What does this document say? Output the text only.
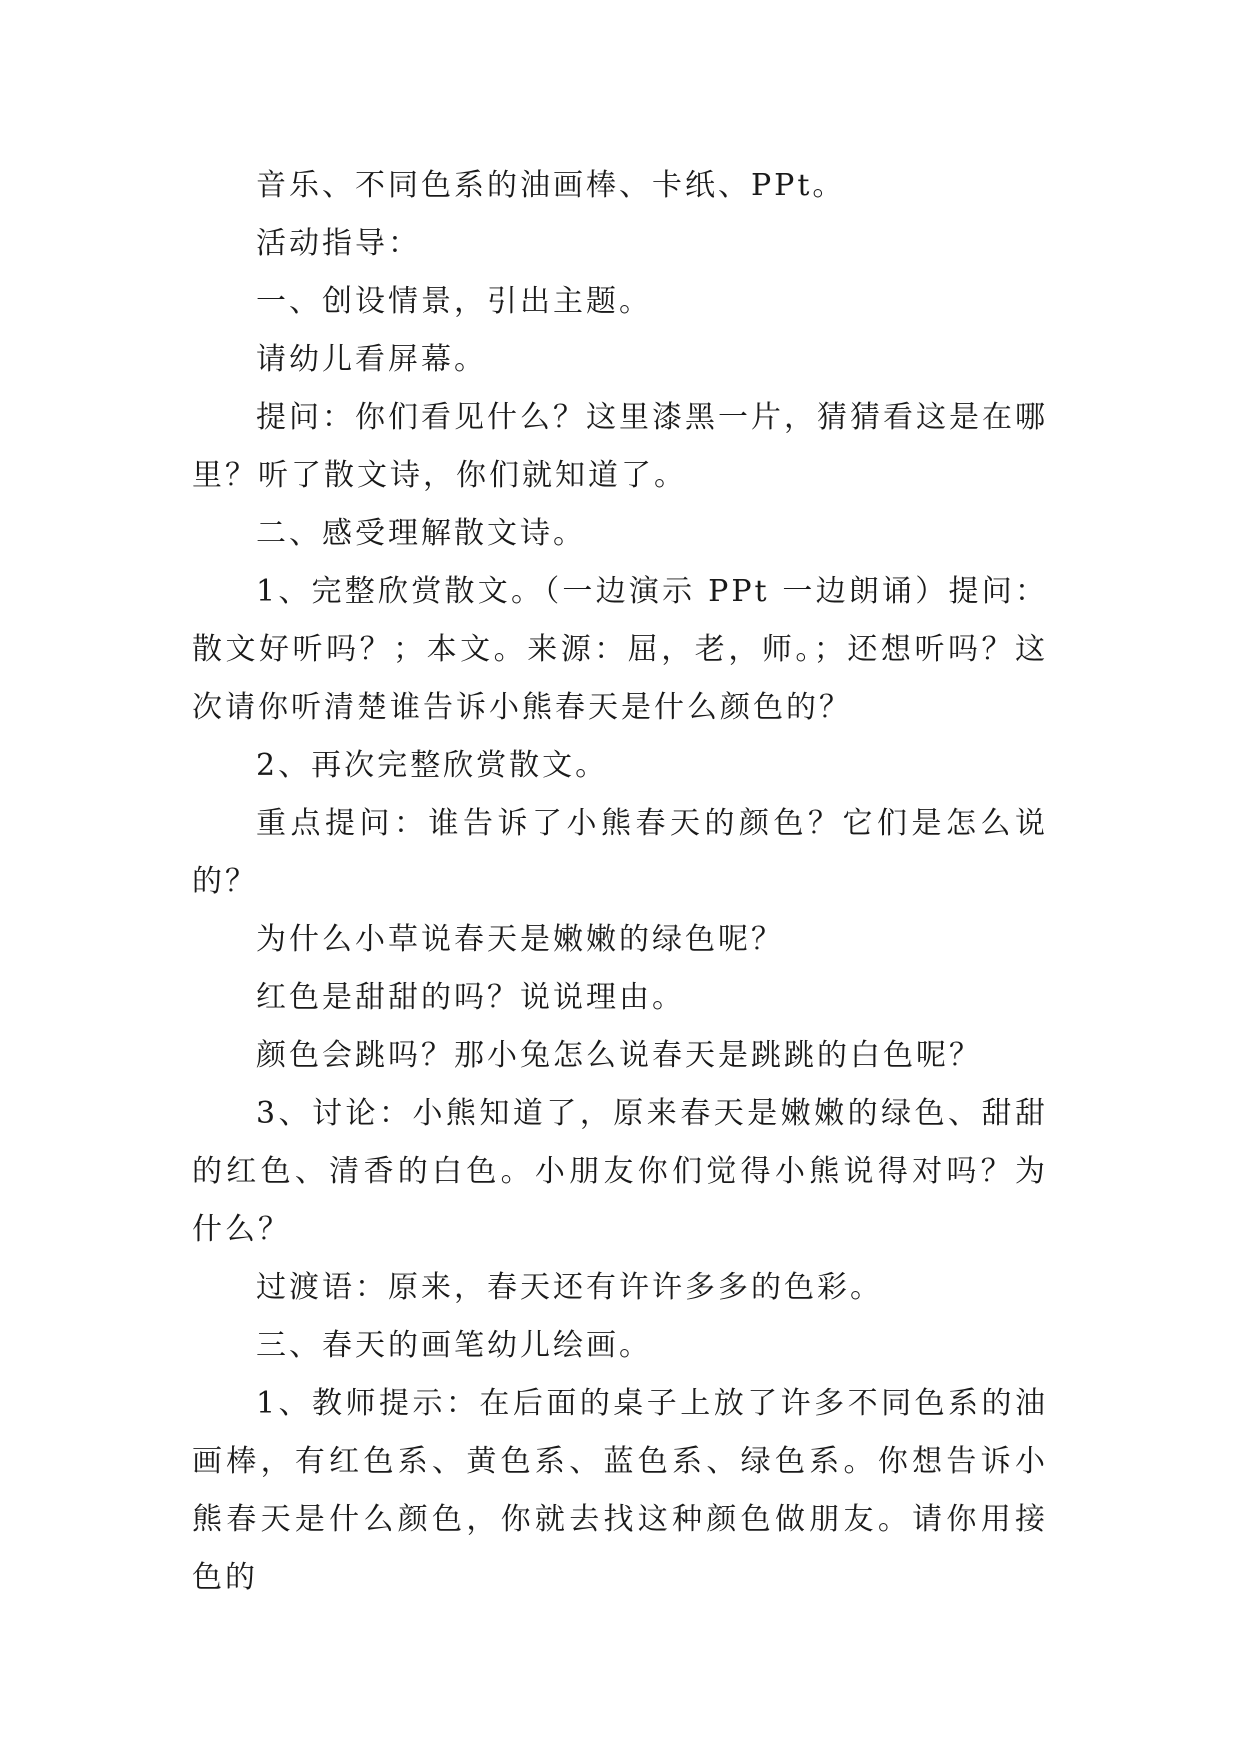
音乐、不同色系的油画棒、卡纸、PPt。

活动指导：

一、创设情景，引出主题。

请幼儿看屏幕。

提问：你们看见什么？这里漆黑一片，猜猜看这是在哪里？听了散文诗，你们就知道了。

二、感受理解散文诗。

1、完整欣赏散文。（一边演示 PPt 一边朗诵）提问：散文好听吗？；本文。来源：屈，老，师。；还想听吗？这次请你听清楚谁告诉小熊春天是什么颜色的？

2、再次完整欣赏散文。

重点提问：谁告诉了小熊春天的颜色？它们是怎么说的？

为什么小草说春天是嫩嫩的绿色呢？

红色是甜甜的吗？说说理由。

颜色会跳吗？那小兔怎么说春天是跳跳的白色呢？

3、讨论：小熊知道了，原来春天是嫩嫩的绿色、甜甜的红色、清香的白色。小朋友你们觉得小熊说得对吗？为什么？

过渡语：原来，春天还有许许多多的色彩。

三、春天的画笔幼儿绘画。

1、教师提示：在后面的桌子上放了许多不同色系的油画棒，有红色系、黄色系、蓝色系、绿色系。你想告诉小熊春天是什么颜色，你就去找这种颜色做朋友。请你用接色的
